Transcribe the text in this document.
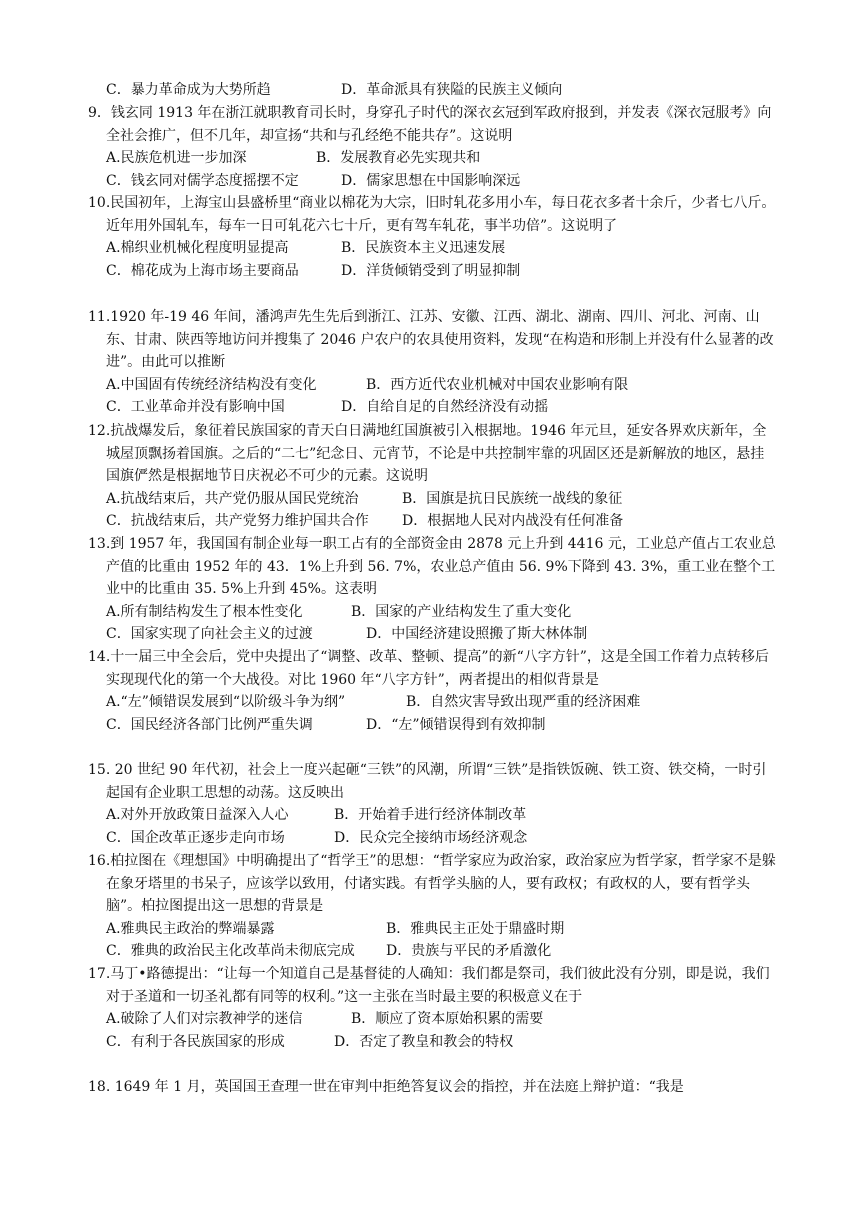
C．暴力革命成为大势所趋	D．革命派具有狭隘的民族主义倾向
9．钱玄同 1913 年在浙江就职教育司长时，身穿孔子时代的深衣玄冠到军政府报到，并发表《深衣冠服考》向全社会推广，但不几年，却宣扬“共和与孔经绝不能共存”。这说明
A.民族危机进一步加深	B．发展教育必先实现共和
C．钱玄同对儒学态度摇摆不定	D．儒家思想在中国影响深远
10.民国初年，上海宝山县盛桥里“商业以棉花为大宗，旧时轧花多用小车，每日花衣多者十余斤，少者七八斤。近年用外国轧车，每车一日可轧花六七十斤，更有驾车轧花，事半功倍”。这说明了
A.棉织业机械化程度明显提高	B．民族资本主义迅速发展
C．棉花成为上海市场主要商品	D．洋货倾销受到了明显抑制
11.1920 年-19 46 年间，潘鸿声先生先后到浙江、江苏、安徽、江西、湖北、湖南、四川、河北、河南、山东、甘肃、陕西等地访问并搜集了 2046 户农户的农具使用资料，发现“在构造和形制上并没有什么显著的改进”。由此可以推断
A.中国固有传统经济结构没有变化	B．西方近代农业机械对中国农业影响有限
C．工业革命并没有影响中国	D．自给自足的自然经济没有动摇
12.抗战爆发后，象征着民族国家的青天白日满地红国旗被引入根据地。1946 年元旦，延安各界欢庆新年，全城屋顶飘扬着国旗。之后的“二七”纪念日、元宵节，不论是中共控制牢靠的巩固区还是新解放的地区，悬挂国旗俨然是根据地节日庆祝必不可少的元素。这说明
A.抗战结束后，共产党仍服从国民党统治	B．国旗是抗日民族统一战线的象征
C．抗战结束后，共产党努力维护国共合作	D．根据地人民对内战没有任何准备
13.到 1957 年，我国国有制企业每一职工占有的全部资金由 2878 元上升到 4416 元，工业总产值占工农业总产值的比重由 1952 年的 43．1%上升到 56. 7%，农业总产值由 56. 9%下降到 43. 3%，重工业在整个工业中的比重由 35. 5%上升到 45%。这表明
A.所有制结构发生了根本性变化	B．国家的产业结构发生了重大变化
C．国家实现了向社会主义的过渡	D．中国经济建设照搬了斯大林体制
14.十一届三中全会后，党中央提出了“调整、改革、整顿、提高”的新“八字方针”，这是全国工作着力点转移后实现现代化的第一个大战役。对比 1960 年“八字方针”，两者提出的相似背景是
A.“左”倾错误发展到“以阶级斗争为纲”	B．自然灾害导致出现严重的经济困难
C．国民经济各部门比例严重失调	D．“左”倾错误得到有效抑制
15. 20 世纪 90 年代初，社会上一度兴起砸“三铁”的风潮，所谓“三铁”是指铁饭碗、铁工资、铁交椅，一时引起国有企业职工思想的动荡。这反映出
A.对外开放政策日益深入人心	B．开始着手进行经济体制改革
C．国企改革正逐步走向市场	D．民众完全接纳市场经济观念
16.柏拉图在《理想国》中明确提出了“哲学王”的思想：“哲学家应为政治家，政治家应为哲学家，哲学家不是躲在象牙塔里的书呆子，应该学以致用，付诸实践。有哲学头脑的人，要有政权；有政权的人，要有哲学头脑”。柏拉图提出这一思想的背景是
A.雅典民主政治的弊端暴露	B．雅典民主正处于鼎盛时期
C．雅典的政治民主化改革尚未彻底完成	D．贵族与平民的矛盾激化
17.马丁•路德提出：“让每一个知道自己是基督徒的人确知：我们都是祭司，我们彼此没有分别，即是说，我们对于圣道和一切圣礼都有同等的权利。”这一主张在当时最主要的积极意义在于
A.破除了人们对宗教神学的迷信	B．顺应了资本原始积累的需要
C．有利于各民族国家的形成	D．否定了教皇和教会的特权
18. 1649 年 1 月，英国国王查理一世在审判中拒绝答复议会的指控，并在法庭上辩护道：“我是
